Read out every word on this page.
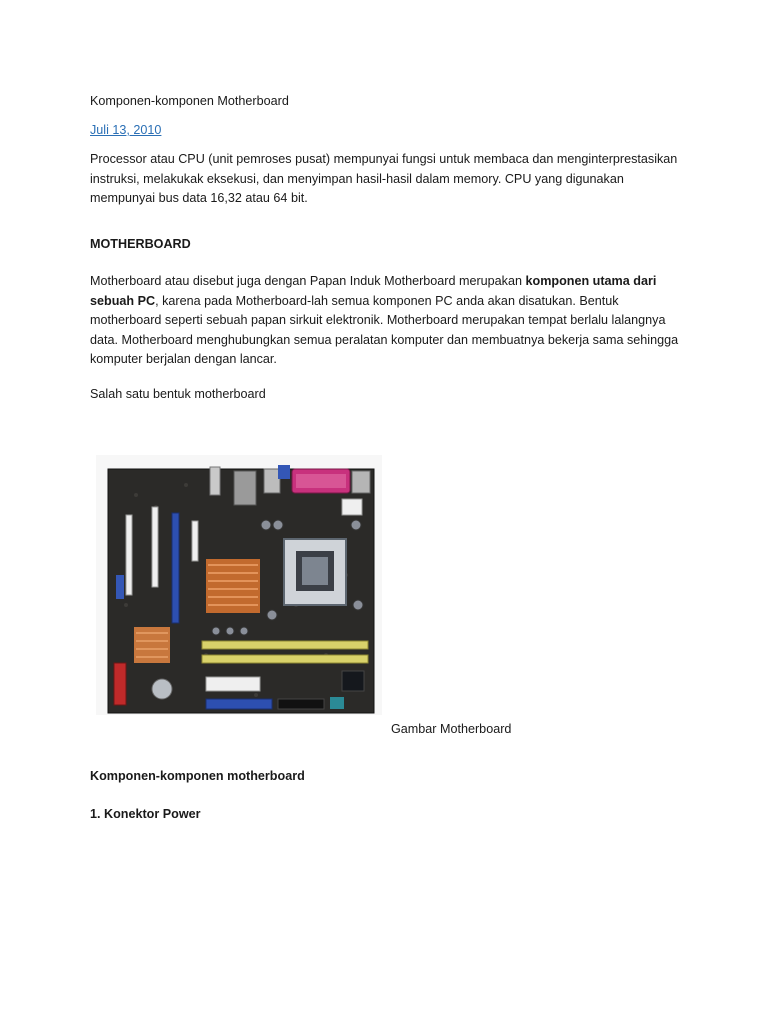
Komponen-komponen Motherboard

Juli 13, 2010

Processor atau CPU (unit pemroses pusat) mempunyai fungsi untuk membaca dan menginterprestasikan instruksi, melakukak eksekusi, dan menyimpan hasil-hasil dalam memory. CPU yang digunakan mempunyai bus data 16,32 atau 64 bit.

MOTHERBOARD

Motherboard atau disebut juga dengan Papan Induk Motherboard merupakan komponen utama dari sebuah PC, karena pada Motherboard-lah semua komponen PC anda akan disatukan. Bentuk motherboard seperti sebuah papan sirkuit elektronik. Motherboard merupakan tempat berlalu lalangnya data. Motherboard menghubungkan semua peralatan komputer dan membuatnya bekerja sama sehingga komputer berjalan dengan lancar.

Salah satu bentuk motherboard

Gambar Motherboard

Komponen-komponen motherboard

1. Konektor Power
